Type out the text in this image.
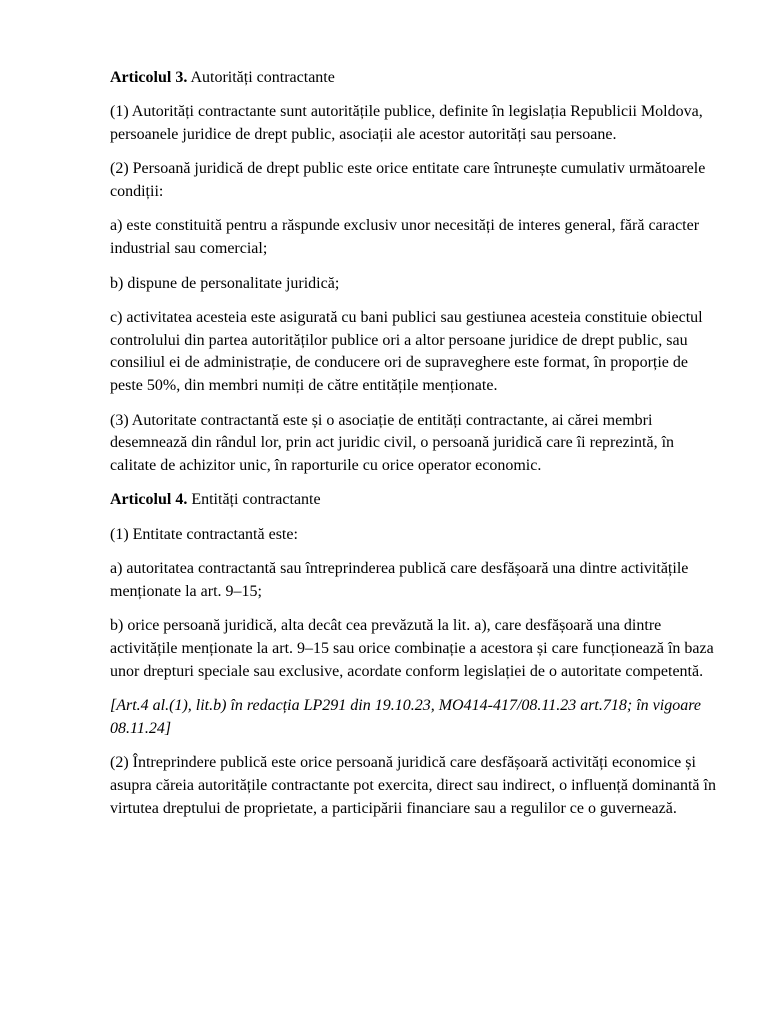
Articolul 3. Autorități contractante

(1) Autorități contractante sunt autoritățile publice, definite în legislația Republicii Moldova, persoanele juridice de drept public, asociații ale acestor autorități sau persoane.

(2) Persoană juridică de drept public este orice entitate care întrunește cumulativ următoarele condiții:

a) este constituită pentru a răspunde exclusiv unor necesități de interes general, fără caracter industrial sau comercial;

b) dispune de personalitate juridică;

c) activitatea acesteia este asigurată cu bani publici sau gestiunea acesteia constituie obiectul controlului din partea autorităților publice ori a altor persoane juridice de drept public, sau consiliul ei de administrație, de conducere ori de supraveghere este format, în proporție de peste 50%, din membri numiți de către entitățile menționate.

(3) Autoritate contractantă este și o asociație de entități contractante, ai cărei membri desemnează din rândul lor, prin act juridic civil, o persoană juridică care îi reprezintă, în calitate de achizitor unic, în raporturile cu orice operator economic.

Articolul 4. Entități contractante

(1) Entitate contractantă este:

a) autoritatea contractantă sau întreprinderea publică care desfășoară una dintre activitățile menționate la art. 9–15;

b) orice persoană juridică, alta decât cea prevăzută la lit. a), care desfășoară una dintre activitățile menționate la art. 9–15 sau orice combinație a acestora și care funcționează în baza unor drepturi speciale sau exclusive, acordate conform legislației de o autoritate competentă.

[Art.4 al.(1), lit.b) în redacția LP291 din 19.10.23, MO414-417/08.11.23 art.718; în vigoare 08.11.24]

(2) Întreprindere publică este orice persoană juridică care desfășoară activități economice și asupra căreia autoritățile contractante pot exercita, direct sau indirect, o influență dominantă în virtutea dreptului de proprietate, a participării financiare sau a regulilor ce o guvernează.
